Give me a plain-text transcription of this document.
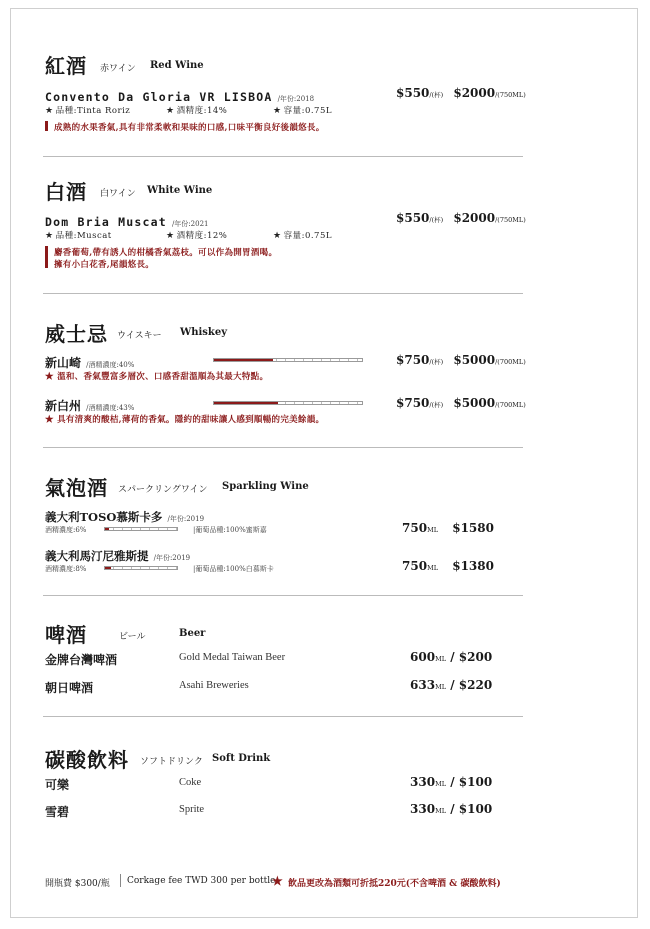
紅酒 赤ワイン Red Wine
Convento Da Gloria VR LISBOA /年份:2018	$550/(杯) $2000/(750ML)
★ 品種:Tinta Roriz	★ 酒精度:14%	★ 容量:0.75L
成熟的水果香氣,具有非常柔軟和果味的口感,口味平衡良好後韻悠長。
白酒 白ワイン White Wine
Dom Bria Muscat /年份:2021	$550/(杯) $2000/(750ML)
★ 品種:Muscat	★ 酒精度:12%	★ 容量:0.75L
麝香葡萄,帶有誘人的柑橘香氣荔枝。可以作為開胃酒喝。
擁有小白花香,尾韻悠長。
威士忌 ウイスキー Whiskey
新山崎 /酒精濃度:40%	$750/(杯) $5000/(700ML)
★ 溫和、香氣豐富多層次、口感香甜溫順為其最大特點。
新白州 /酒精濃度:43%	$750/(杯) $5000/(700ML)
★ 具有清爽的酸桔,薄荷的香氣。隱約的甜味讓人感到順暢的完美餘韻。
氣泡酒 スパークリングワイン Sparkling Wine
義大利TOSO慕斯卡多 /年份:2019
酒精濃度:6%	|葡萄品種:100%蜜斯嘉	750ML $1580
義大利馬汀尼雅斯提 /年份:2019
酒精濃度:8%	|葡萄品種:100%白慕斯卡	750ML $1380
啤酒	ビール	Beer
金牌台灣啤酒	Gold Medal Taiwan Beer	600ML / $200
朝日啤酒	Asahi Breweries	633ML / $220
碳酸飲料 ソフトドリンク Soft Drink
可樂	Coke	330ML / $100
雪碧	Sprite	330ML / $100
開瓶費 $300/瓶 Corkage fee TWD 300 per bottle
★ 飲品更改為酒類可折抵220元(不含啤酒 & 碳酸飲料)
